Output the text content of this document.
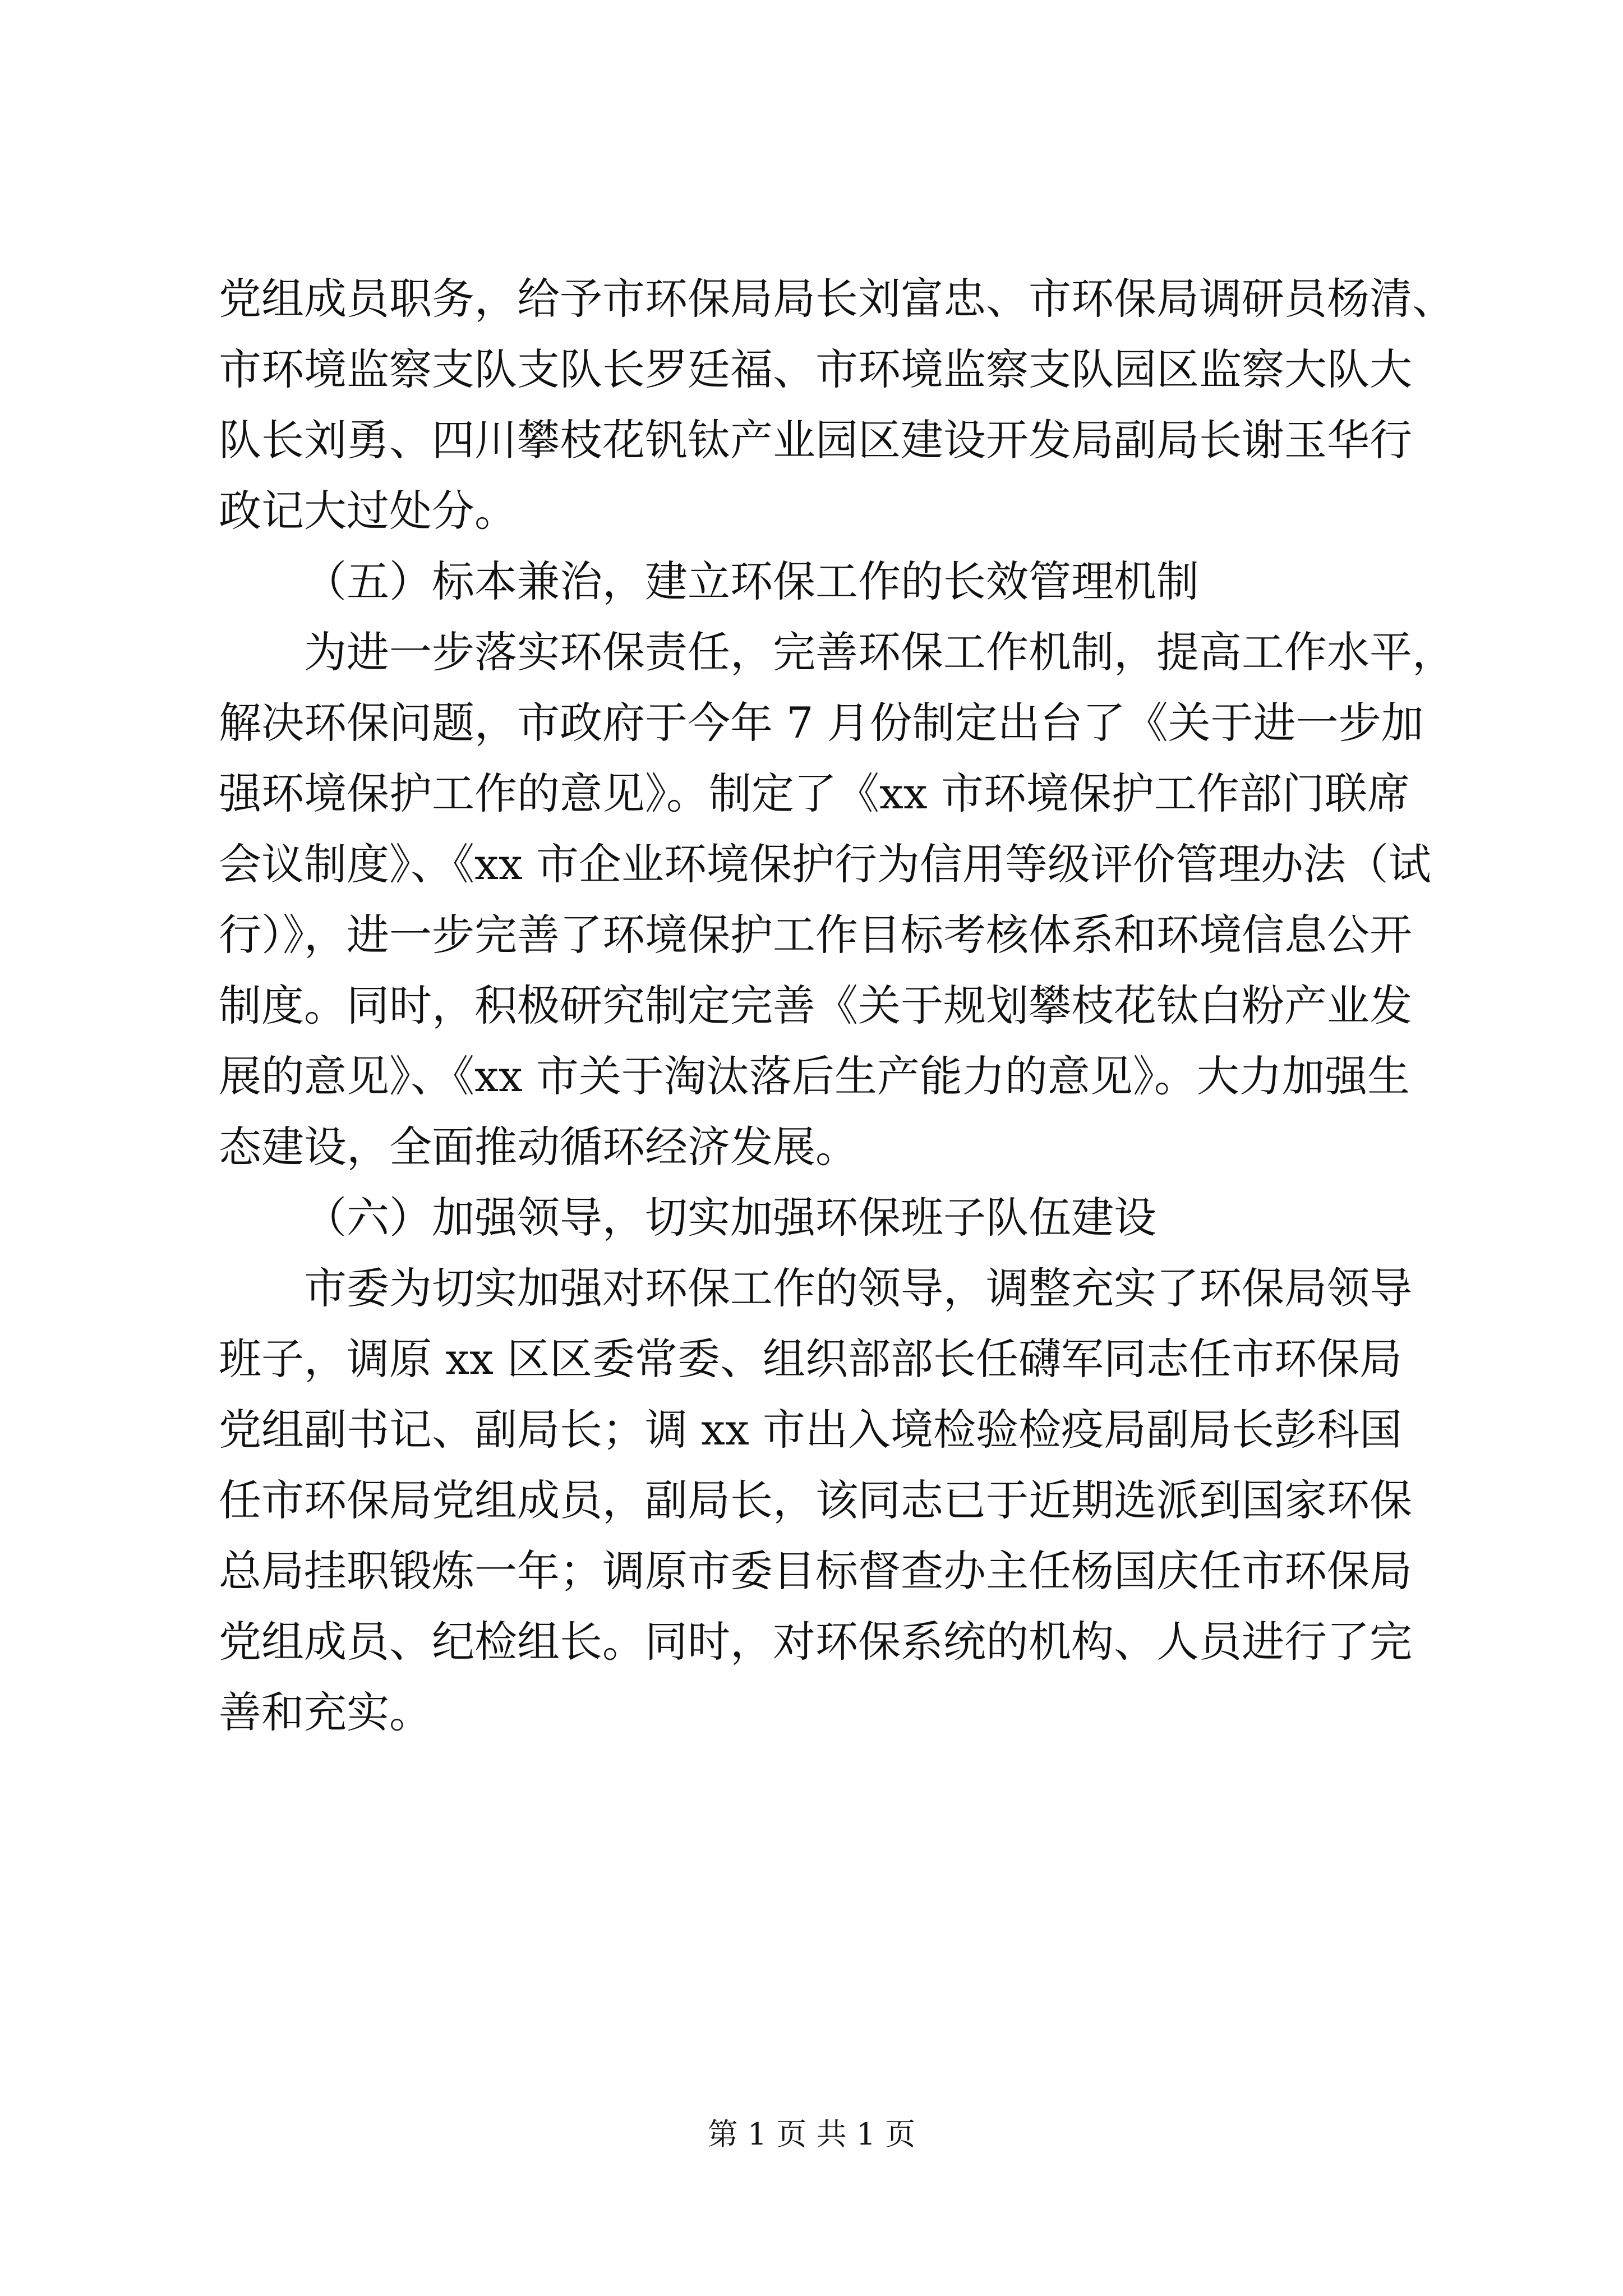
党组成员职务，给予市环保局局长刘富忠、市环保局调研员杨清、
市环境监察支队支队长罗廷福、市环境监察支队园区监察大队大
队长刘勇、四川攀枝花钒钛产业园区建设开发局副局长谢玉华行
政记大过处分。
（五）标本兼治，建立环保工作的长效管理机制
为进一步落实环保责任，完善环保工作机制，提高工作水平，
解决环保问题，市政府于今年 7 月份制定出台了《关于进一步加
强环境保护工作的意见》。制定了《xx 市环境保护工作部门联席
会议制度》、《xx 市企业环境保护行为信用等级评价管理办法（试
行）》，进一步完善了环境保护工作目标考核体系和环境信息公开
制度。同时，积极研究制定完善《关于规划攀枝花钛白粉产业发
展的意见》、《xx 市关于淘汰落后生产能力的意见》。大力加强生
态建设，全面推动循环经济发展。
（六）加强领导，切实加强环保班子队伍建设
市委为切实加强对环保工作的领导，调整充实了环保局领导
班子，调原 xx 区区委常委、组织部部长任礴军同志任市环保局
党组副书记、副局长；调 xx 市出入境检验检疫局副局长彭科国
任市环保局党组成员，副局长，该同志已于近期选派到国家环保
总局挂职锻炼一年；调原市委目标督查办主任杨国庆任市环保局
党组成员、纪检组长。同时，对环保系统的机构、人员进行了完
善和充实。
第 1 页 共 1 页
